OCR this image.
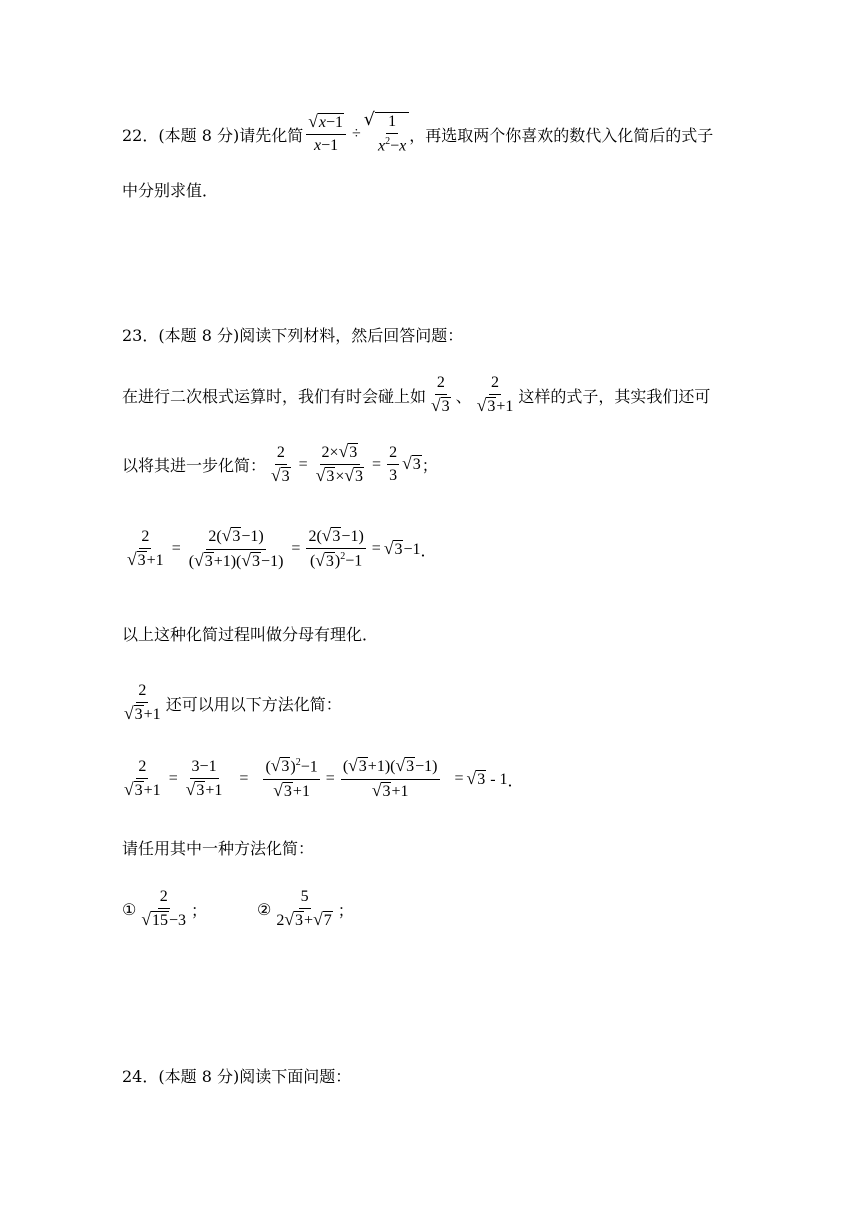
22．(本题 8 分)请先化简 $\frac{√ x-1}{x-1}$ ÷
√ $\frac{1}{x^2-x}$ ，再选取两个你喜欢的数代入化简后的式子
中分别求值．
23．(本题 8 分)阅读下列材料，然后回答问题：
在进行二次根式运算时，我们有时会碰上如 $\frac{2}{√ 3}$ 、 $\frac{2}{√ 3 +1}$ 这样的式子，其实我们还可
以将其进一步化简： $\frac{2}{√ 3} = \frac{2\times √ 3}{√ 3 \times √ 3} = \frac{2}{3}$ √ 3 ；
$\frac{2}{√ 3 +1} = \frac{2( √ 3 -1)}{( √ 3 +1)( √ 3 -1)} = \frac{2( √ 3 -1)}{( √ 3 )^2-1}$ = √ 3 −1 ．
以上这种化简过程叫做分母有理化．
$\frac{2}{√ 3 +1}$ 还可以用以下方法化简：
$\frac{2}{√ 3 +1} = \frac{3-1}{√ 3 +1} = \frac{( √ 3 )^2-1}{√ 3 +1} = \frac{( √ 3 +1)( √ 3 -1)}{√ 3 +1}$ = √ 3 - 1 ．
请任用其中一种方法化简：
① $\frac{2}{√ 15 -3}$ ；	② $\frac{5}{2 √ 3 + √ 7}$ ；
24．(本题 8 分)阅读下面问题：
